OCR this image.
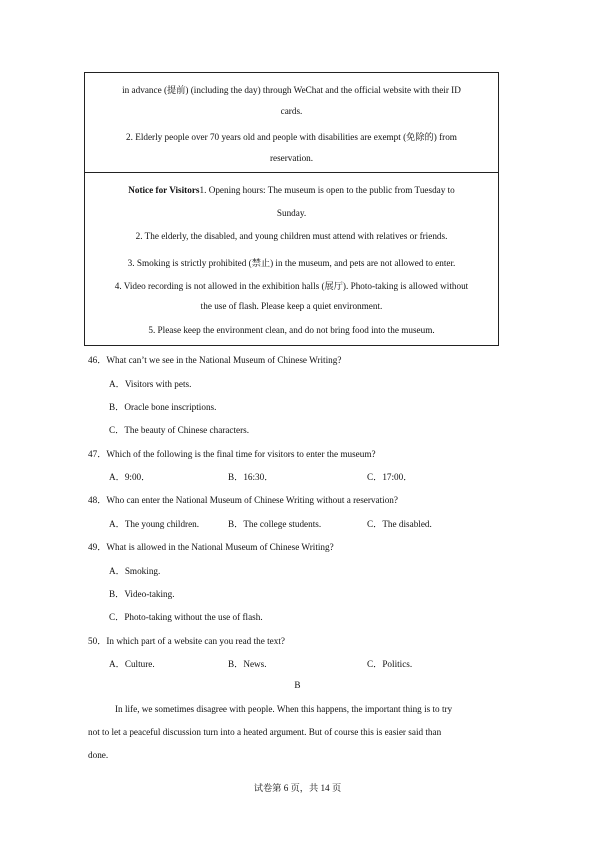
in advance (提前) (including the day) through WeChat and the official website with their ID
cards.
2. Elderly people over 70 years old and people with disabilities are exempt (免除的) from
reservation.
Notice for Visitors1. Opening hours: The museum is open to the public from Tuesday to
Sunday.
2. The elderly, the disabled, and young children must attend with relatives or friends.
3. Smoking is strictly prohibited (禁止) in the museum, and pets are not allowed to enter.
4. Video recording is not allowed in the exhibition halls (展厅). Photo-taking is allowed without
the use of flash. Please keep a quiet environment.
5. Please keep the environment clean, and do not bring food into the museum.
46．What can’t we see in the National Museum of Chinese Writing?
A．Visitors with pets.
B．Oracle bone inscriptions.
C．The beauty of Chinese characters.
47．Which of the following is the final time for visitors to enter the museum?
A．9:00．	B．16:30．	C．17:00．
48．Who can enter the National Museum of Chinese Writing without a reservation?
A．The young children.	B．The college students.	C．The disabled.
49．What is allowed in the National Museum of Chinese Writing?
A．Smoking.
B．Video-taking.
C．Photo-taking without the use of flash.
50．In which part of a website can you read the text?
A．Culture.	B．News.	C．Politics.
B
In life, we sometimes disagree with people. When this happens, the important thing is to try
not to let a peaceful discussion turn into a heated argument. But of course this is easier said than
done.
试卷第 6 页，共 14 页
